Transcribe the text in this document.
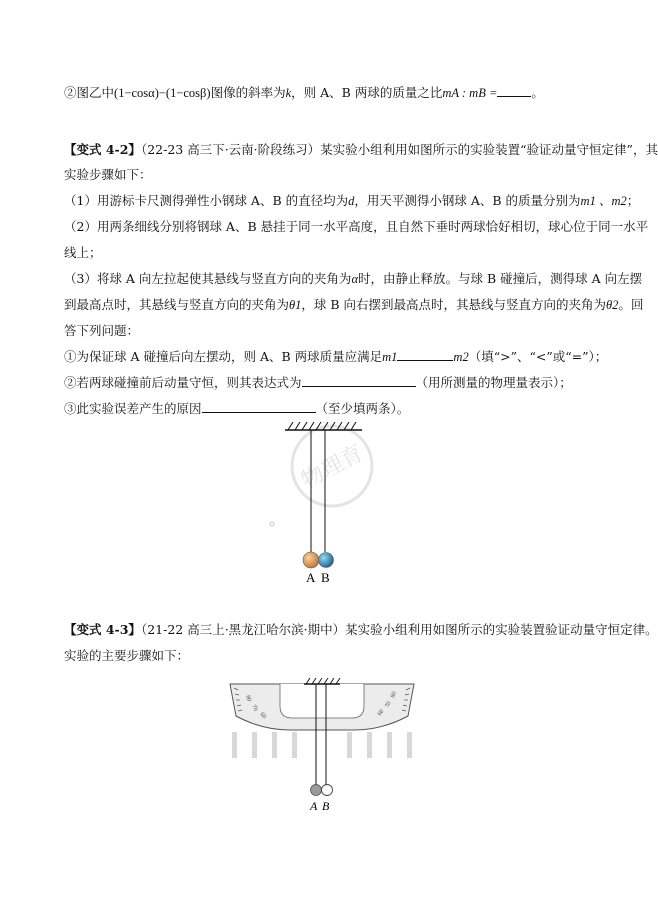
②图乙中(1−cosα)−(1−cosβ)图像的斜率为k，则 A、B 两球的质量之比mA : mB =	。
【变式 4-2】（22-23 高三下·云南·阶段练习）某实验小组利用如图所示的实验装置“验证动量守恒定律”，其
实验步骤如下：
（1）用游标卡尺测得弹性小钢球 A、B 的直径均为d，用天平测得小钢球 A、B 的质量分别为m1 、m2；
（2）用两条细线分别将钢球 A、B 悬挂于同一水平高度，且自然下垂时两球恰好相切，球心位于同一水平
线上；
（3）将球 A 向左拉起使其悬线与竖直方向的夹角为α时，由静止释放。与球 B 碰撞后，测得球 A 向左摆
到最高点时，其悬线与竖直方向的夹角为θ1，球 B 向右摆到最高点时，其悬线与竖直方向的夹角为θ2。回
答下列问题：
①为保证球 A 碰撞后向左摆动，则 A、B 两球质量应满足m1	m2（填“>”、“<”或“=”）；
②若两球碰撞前后动量守恒，则其表达式为	（用所测量的物理量表示）；
③此实验误差产生的原因	（至少填两条）。
物理育
A B
【变式 4-3】（21-22 高三上·黑龙江哈尔滨·期中）某实验小组利用如图所示的实验装置验证动量守恒定律。
实验的主要步骤如下：
80
70
60	60
70
80
A B
